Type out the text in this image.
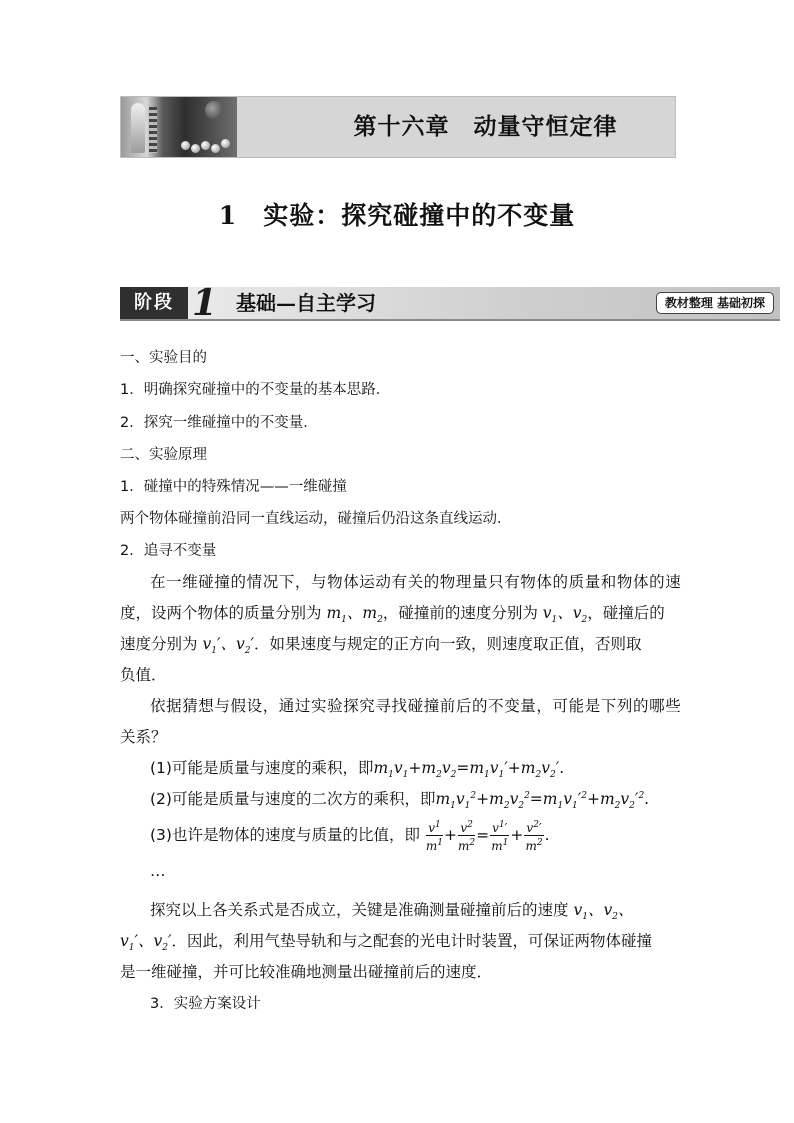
第十六章　动量守恒定律
1　实验：探究碰撞中的不变量
阶段 1 基础—自主学习	教材整理 基础初探
一、实验目的
1．明确探究碰撞中的不变量的基本思路．
2．探究一维碰撞中的不变量．
二、实验原理
1．碰撞中的特殊情况——一维碰撞
两个物体碰撞前沿同一直线运动，碰撞后仍沿这条直线运动．
2．追寻不变量
在一维碰撞的情况下，与物体运动有关的物理量只有物体的质量和物体的速
度，设两个物体的质量分别为 $m_1$、$m_2$，碰撞前的速度分别为 $v_1$、$v_2$，碰撞后的
速度分别为 $v_1'$、$v_2'$．如果速度与规定的正方向一致，则速度取正值，否则取
负值．
依据猜想与假设，通过实验探究寻找碰撞前后的不变量，可能是下列的哪些
关系？
(1)可能是质量与速度的乘积，即$m_1v_1+m_2v_2=m_1v_1'+m_2v_2'$.
(2)可能是质量与速度的二次方的乘积，即$m_1v_1^2+m_2v_2^2=m_1v_1'^2+m_2v_2'^2$.
(3)也许是物体的速度与质量的比值，即 $\frac{v^1}{m^1} + \frac{v^2}{m^2} = \frac{v^1'}{m^1} + \frac{v^2'}{m^2}$ .
…
探究以上各关系式是否成立，关键是准确测量碰撞前后的速度 $v_1$、$v_2$、
$v_1'$、$v_2'$．因此，利用气垫导轨和与之配套的光电计时装置，可保证两物体碰撞
是一维碰撞，并可比较准确地测量出碰撞前后的速度．
3．实验方案设计
